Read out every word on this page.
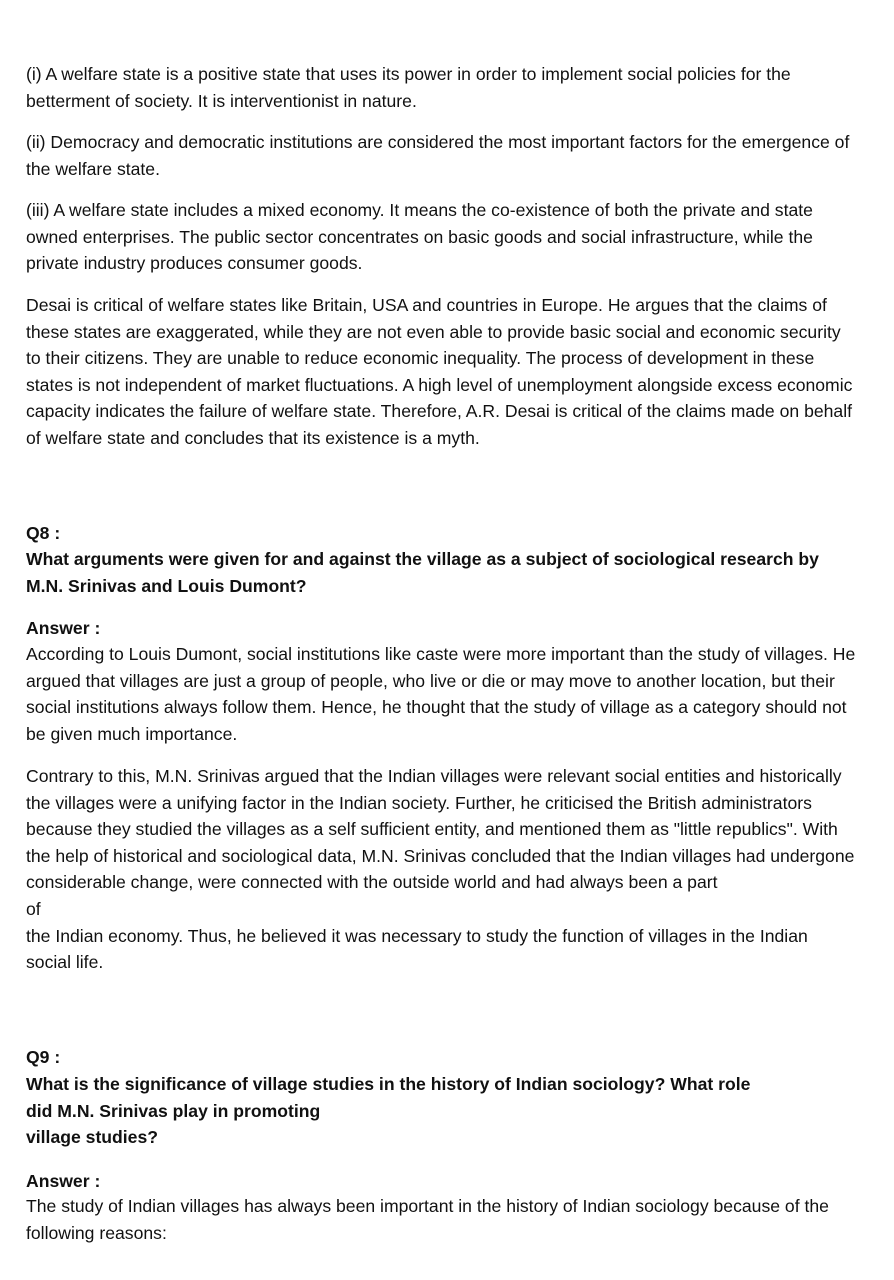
(i) A welfare state is a positive state that uses its power in order to implement social policies for the betterment of society. It is interventionist in nature.

(ii) Democracy and democratic institutions are considered the most important factors for the emergence of the welfare state.

(iii) A welfare state includes a mixed economy. It means the co-existence of both the private and state owned enterprises. The public sector concentrates on basic goods and social infrastructure, while the private industry produces consumer goods.

Desai is critical of welfare states like Britain, USA and countries in Europe. He argues that the claims of these states are exaggerated, while they are not even able to provide basic social and economic security to their citizens. They are unable to reduce economic inequality. The process of development in these states is not independent of market fluctuations. A high level of unemployment alongside excess economic capacity indicates the failure of welfare state. Therefore, A.R. Desai is critical of the claims made on behalf of welfare state and concludes that its existence is a myth.

Q8 :

What arguments were given for and against the village as a subject of sociological research by M.N. Srinivas and Louis Dumont?

Answer :

According to Louis Dumont, social institutions like caste were more important than the study of villages. He argued that villages are just a group of people, who live or die or may move to another location, but their social institutions always follow them. Hence, he thought that the study of village as a category should not be given much importance.

Contrary to this, M.N. Srinivas argued that the Indian villages were relevant social entities and historically the villages were a unifying factor in the Indian society. Further, he criticised the British administrators because they studied the villages as a self sufficient entity, and mentioned them as "little republics". With the help of historical and sociological data, M.N. Srinivas concluded that the Indian villages had undergone considerable change, were connected with the outside world and had always been a part
of
the Indian economy. Thus, he believed it was necessary to study the function of villages in the Indian social life.

Q9 :

What is the significance of village studies in the history of Indian sociology? What role
did M.N. Srinivas play in promoting
village studies?

Answer :

The study of Indian villages has always been important in the history of Indian sociology because of the following reasons:
